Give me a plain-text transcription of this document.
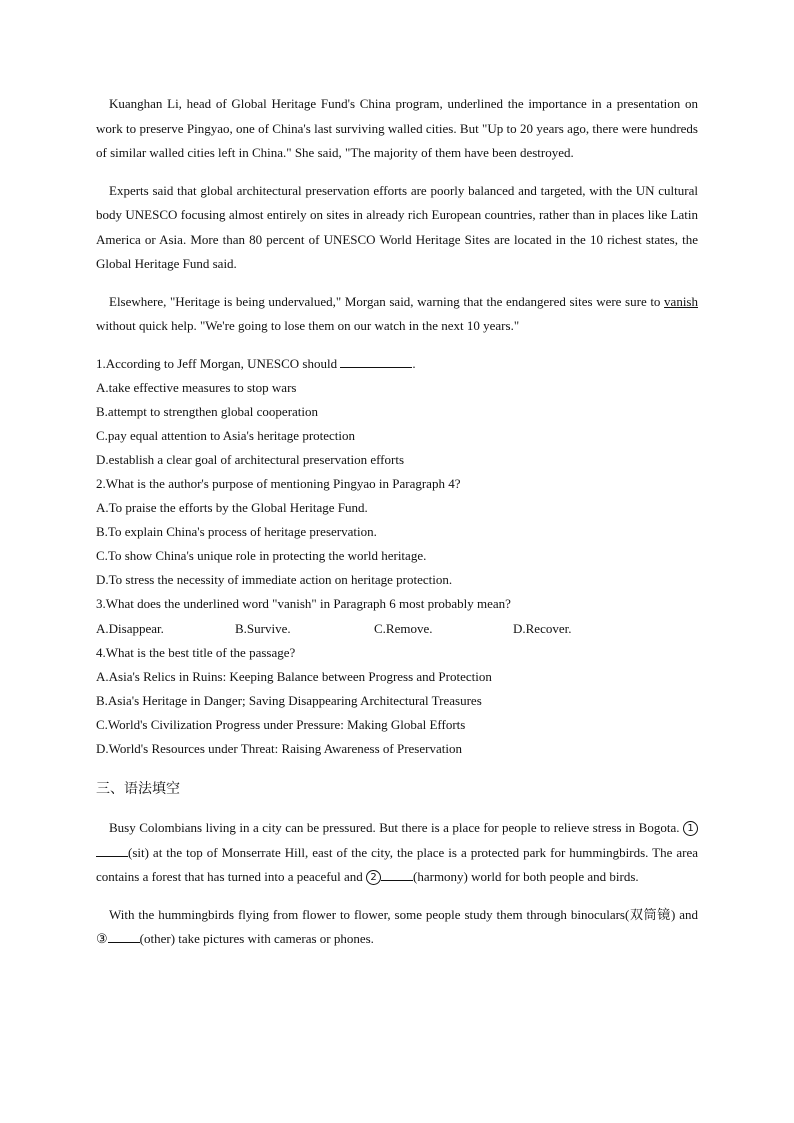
Kuanghan Li, head of Global Heritage Fund's China program, underlined the importance in a presentation on work to preserve Pingyao, one of China's last surviving walled cities. But "Up to 20 years ago, there were hundreds of similar walled cities left in China." She said, "The majority of them have been destroyed.

Experts said that global architectural preservation efforts are poorly balanced and targeted, with the UN cultural body UNESCO focusing almost entirely on sites in already rich European countries, rather than in places like Latin America or Asia. More than 80 percent of UNESCO World Heritage Sites are located in the 10 richest states, the Global Heritage Fund said.

Elsewhere, "Heritage is being undervalued," Morgan said, warning that the endangered sites were sure to vanish without quick help. "We're going to lose them on our watch in the next 10 years."

1.According to Jeff Morgan, UNESCO should	.

A.take effective measures to stop wars

B.attempt to strengthen global cooperation

C.pay equal attention to Asia's heritage protection

D.establish a clear goal of architectural preservation efforts

2.What is the author's purpose of mentioning Pingyao in Paragraph 4?

A.To praise the efforts by the Global Heritage Fund.

B.To explain China's process of heritage preservation.

C.To show China's unique role in protecting the world heritage.

D.To stress the necessity of immediate action on heritage protection.

3.What does the underlined word "vanish" in Paragraph 6 most probably mean?

A.Disappear.	B.Survive.	C.Remove.	D.Recover.

4.What is the best title of the passage?

A.Asia's Relics in Ruins: Keeping Balance between Progress and Protection

B.Asia's Heritage in Danger; Saving Disappearing Architectural Treasures

C.World's Civilization Progress under Pressure: Making Global Efforts

D.World's Resources under Threat: Raising Awareness of Preservation

三、语法填空

Busy Colombians living in a city can be pressured. But there is a place for people to relieve stress in Bogota. 1(sit) at the top of Monserrate Hill, east of the city, the place is a protected park for hummingbirds. The area contains a forest that has turned into a peaceful and 2	(harmony) world for both people and birds.

With the hummingbirds flying from flower to flower, some people study them through binoculars(双筒镜) and ③ (other) take pictures with cameras or phones.
